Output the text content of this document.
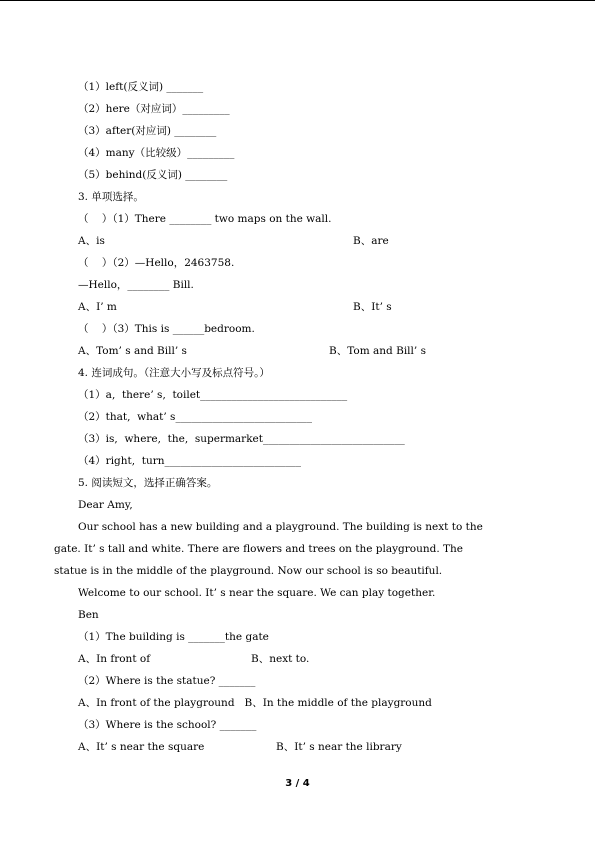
（1）left(反义词) _______
（2）here（对应词）_________
（3）after(对应词) ________
（4）many（比较级）_________
（5）behind(反义词) ________
3. 单项选择。
（    ）（1）There ________ two maps on the wall.
A、is	B、are
（    ）（2）—Hello，2463758.
—Hello，________ Bill.
A、I’ m	B、It’ s
（    ）（3）This is ______bedroom.
A、Tom’ s and Bill’ s	B、Tom and Bill’ s
4. 连词成句。（注意大小写及标点符号。）
（1）a,  there’ s,  toilet____________________________
（2）that,  what’ s__________________________
（3）is,  where,  the,  supermarket___________________________
（4）right,  turn__________________________
5. 阅读短文，选择正确答案。
Dear Amy,
Our school has a new building and a playground. The building is next to the
gate. It’ s tall and white. There are flowers and trees on the playground. The
statue is in the middle of the playground. Now our school is so beautiful.
Welcome to our school. It’ s near the square. We can play together.
Ben
（1）The building is _______the gate
A、In front of	B、next to.
（2）Where is the statue? _______
A、In front of the playground   B、In the middle of the playground
（3）Where is the school? _______
A、It’ s near the square	B、It’ s near the library
3 / 4
